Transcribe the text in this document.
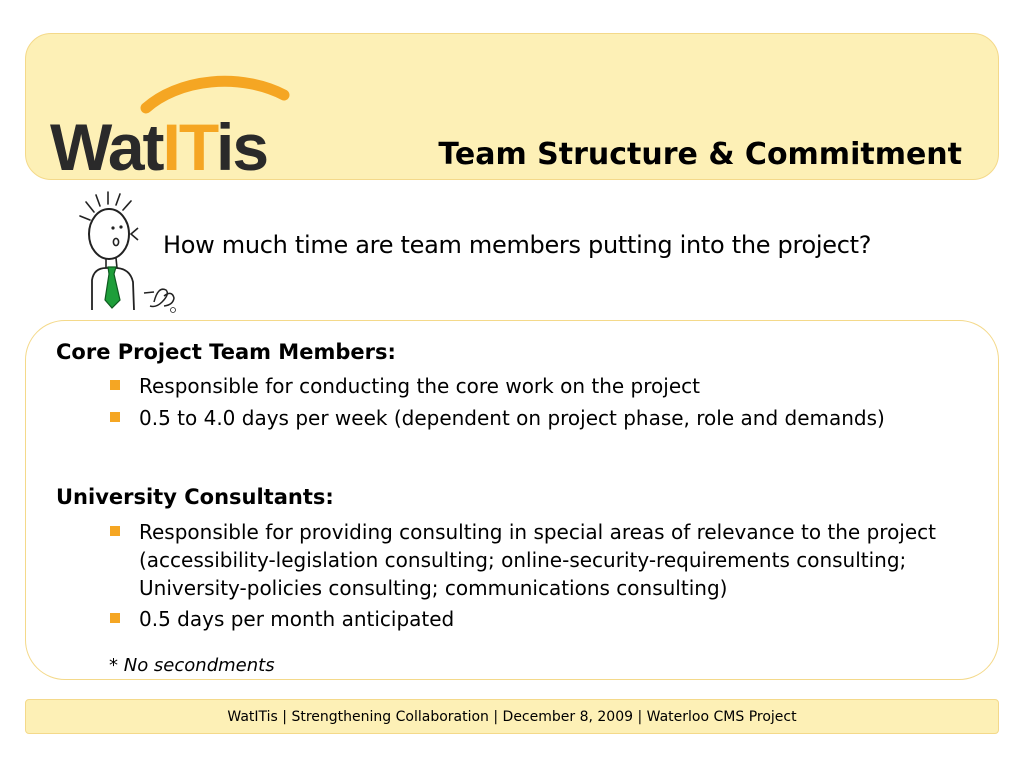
WatITis	Team Structure & Commitment
How much time are team members putting into the project?
Core Project Team Members:
Responsible for conducting the core work on the project
0.5 to 4.0 days per week (dependent on project phase, role and demands)
University Consultants:
Responsible for providing consulting in special areas of relevance to the project (accessibility-legislation consulting; online-security-requirements consulting; University-policies consulting; communications consulting)
0.5 days per month anticipated
* No secondments
WatITis | Strengthening Collaboration | December 8, 2009 | Waterloo CMS Project
